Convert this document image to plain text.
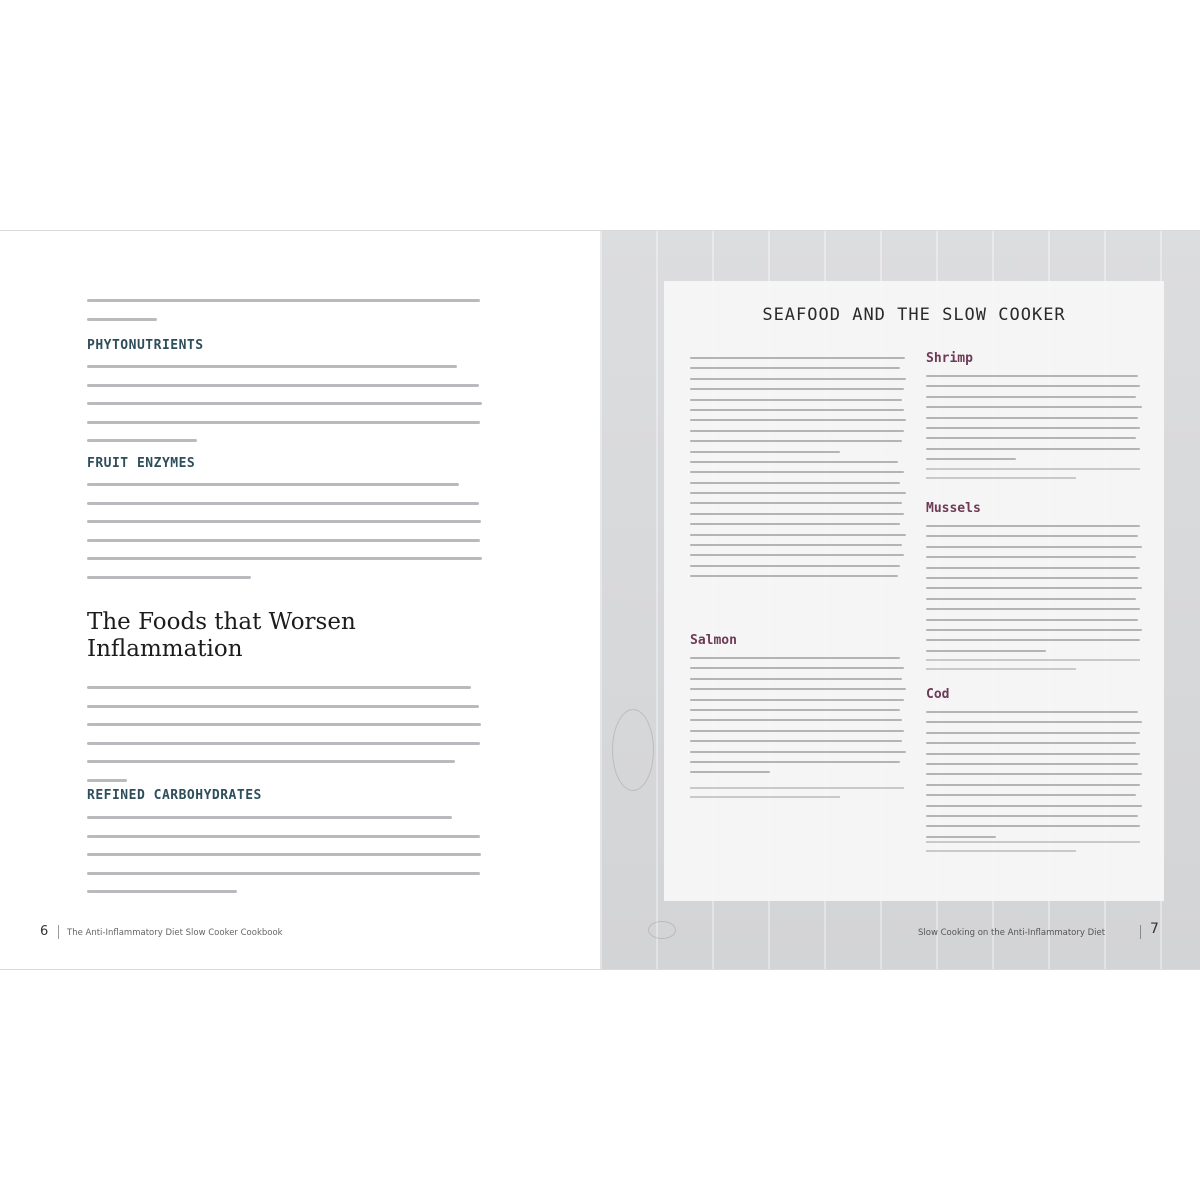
PHYTONUTRIENTS
FRUIT ENZYMES
The Foods that Worsen Inflammation
REFINED CARBOHYDRATES
6 The Anti-Inflammatory Diet Slow Cooker Cookbook
SEAFOOD AND THE SLOW COOKER
Salmon
Shrimp
Mussels
Cod
Slow Cooking on the Anti-Inflammatory Diet	7
